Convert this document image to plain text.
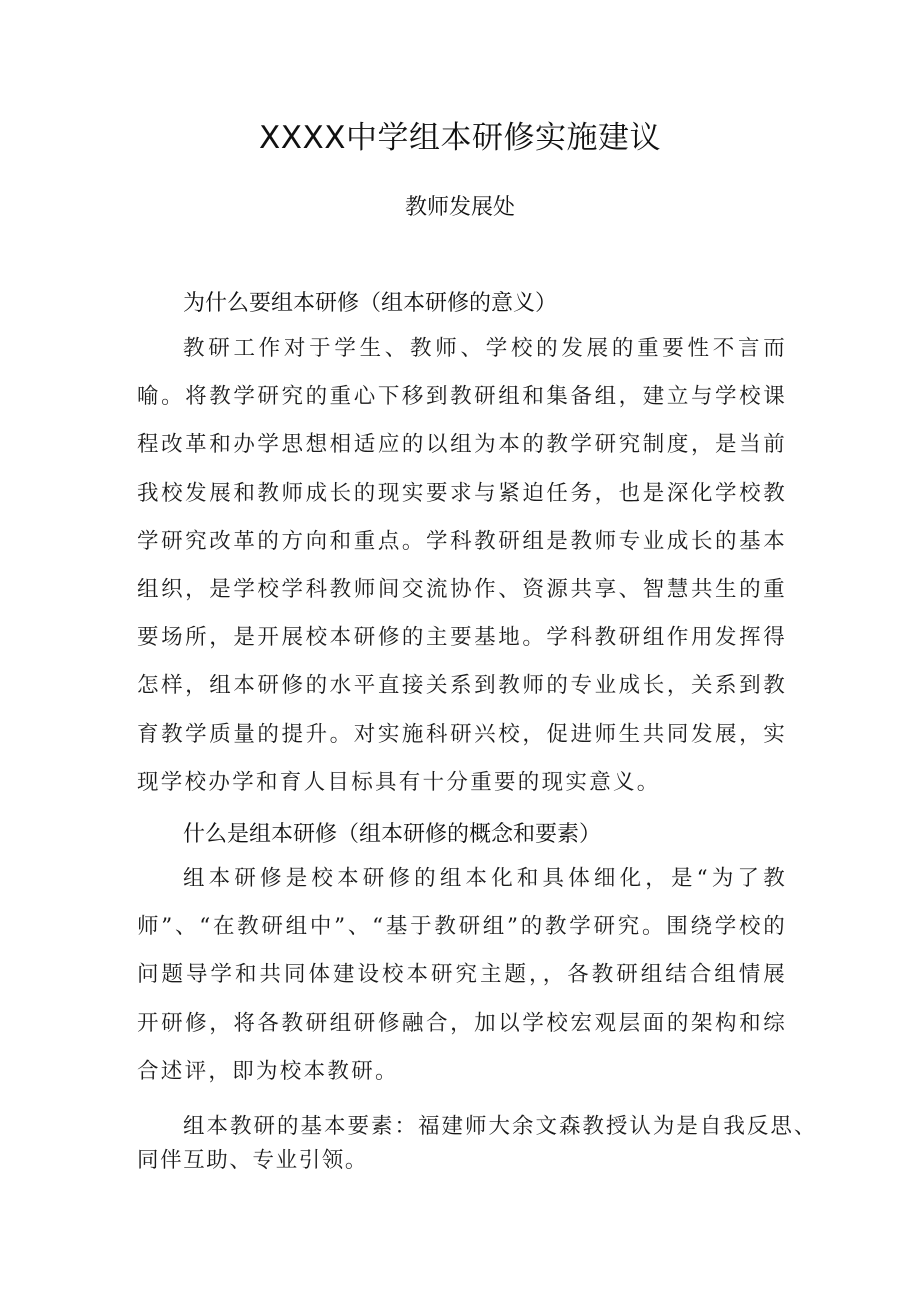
XXXX中学组本研修实施建议
教师发展处
为什么要组本研修（组本研修的意义）
教研工作对于学生、教师、学校的发展的重要性不言而喻。将教学研究的重心下移到教研组和集备组，建立与学校课程改革和办学思想相适应的以组为本的教学研究制度，是当前我校发展和教师成长的现实要求与紧迫任务，也是深化学校教学研究改革的方向和重点。学科教研组是教师专业成长的基本组织，是学校学科教师间交流协作、资源共享、智慧共生的重要场所，是开展校本研修的主要基地。学科教研组作用发挥得怎样，组本研修的水平直接关系到教师的专业成长，关系到教育教学质量的提升。对实施科研兴校，促进师生共同发展，实现学校办学和育人目标具有十分重要的现实意义。
什么是组本研修（组本研修的概念和要素）
组本研修是校本研修的组本化和具体细化，是“为了教师”、“在教研组中”、“基于教研组”的教学研究。围绕学校的问题导学和共同体建设校本研究主题，，各教研组结合组情展开研修，将各教研组研修融合，加以学校宏观层面的架构和综合述评，即为校本教研。
组本教研的基本要素：福建师大余文森教授认为是自我反思、同伴互助、专业引领。
